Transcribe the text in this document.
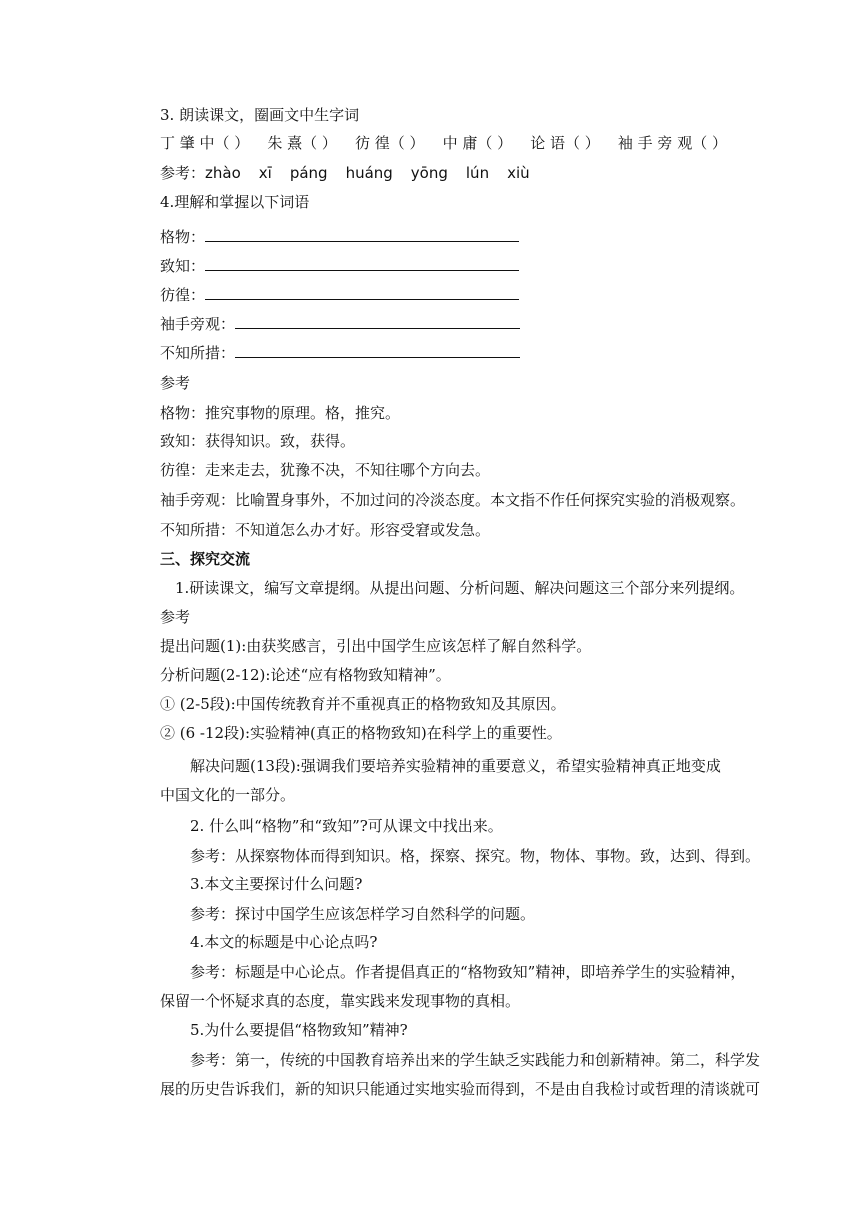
3. 朗读课文，圈画文中生字词
丁 肇 中（ ） 朱 熹（ ） 彷 徨（ ） 中 庸（ ） 论 语（ ） 袖 手 旁 观（ ）
参考：zhào xī páng huáng yōng lún xiù
4.理解和掌握以下词语
格物：
致知：
彷徨：
袖手旁观：
不知所措：
参考
格物：推究事物的原理。格，推究。
致知：获得知识。致，获得。
彷徨：走来走去，犹豫不决，不知往哪个方向去。
袖手旁观：比喻置身事外，不加过问的冷淡态度。本文指不作任何探究实验的消极观察。
不知所措：不知道怎么办才好。形容受窘或发急。
三、探究交流
1.研读课文，编写文章提纲。从提出问题、分析问题、解决问题这三个部分来列提纲。
参考
提出问题(1):由获奖感言，引出中国学生应该怎样了解自然科学。
分析问题(2-12):论述“应有格物致知精神”。
① (2-5段):中国传统教育并不重视真正的格物致知及其原因。
② (6 -12段):实验精神(真正的格物致知)在科学上的重要性。
解决问题(13段):强调我们要培养实验精神的重要意义，希望实验精神真正地变成
中国文化的一部分。
2. 什么叫“格物”和“致知”?可从课文中找出来。
参考：从探察物体而得到知识。格，探察、探究。物，物体、事物。致，达到、得到。
3.本文主要探讨什么问题?
参考：探讨中国学生应该怎样学习自然科学的问题。
4.本文的标题是中心论点吗?
参考：标题是中心论点。作者提倡真正的“格物致知”精神，即培养学生的实验精神，
保留一个怀疑求真的态度，靠实践来发现事物的真相。
5.为什么要提倡“格物致知”精神?
参考：第一，传统的中国教育培养出来的学生缺乏实践能力和创新精神。第二，科学发
展的历史告诉我们，新的知识只能通过实地实验而得到，不是由自我检讨或哲理的清谈就可
